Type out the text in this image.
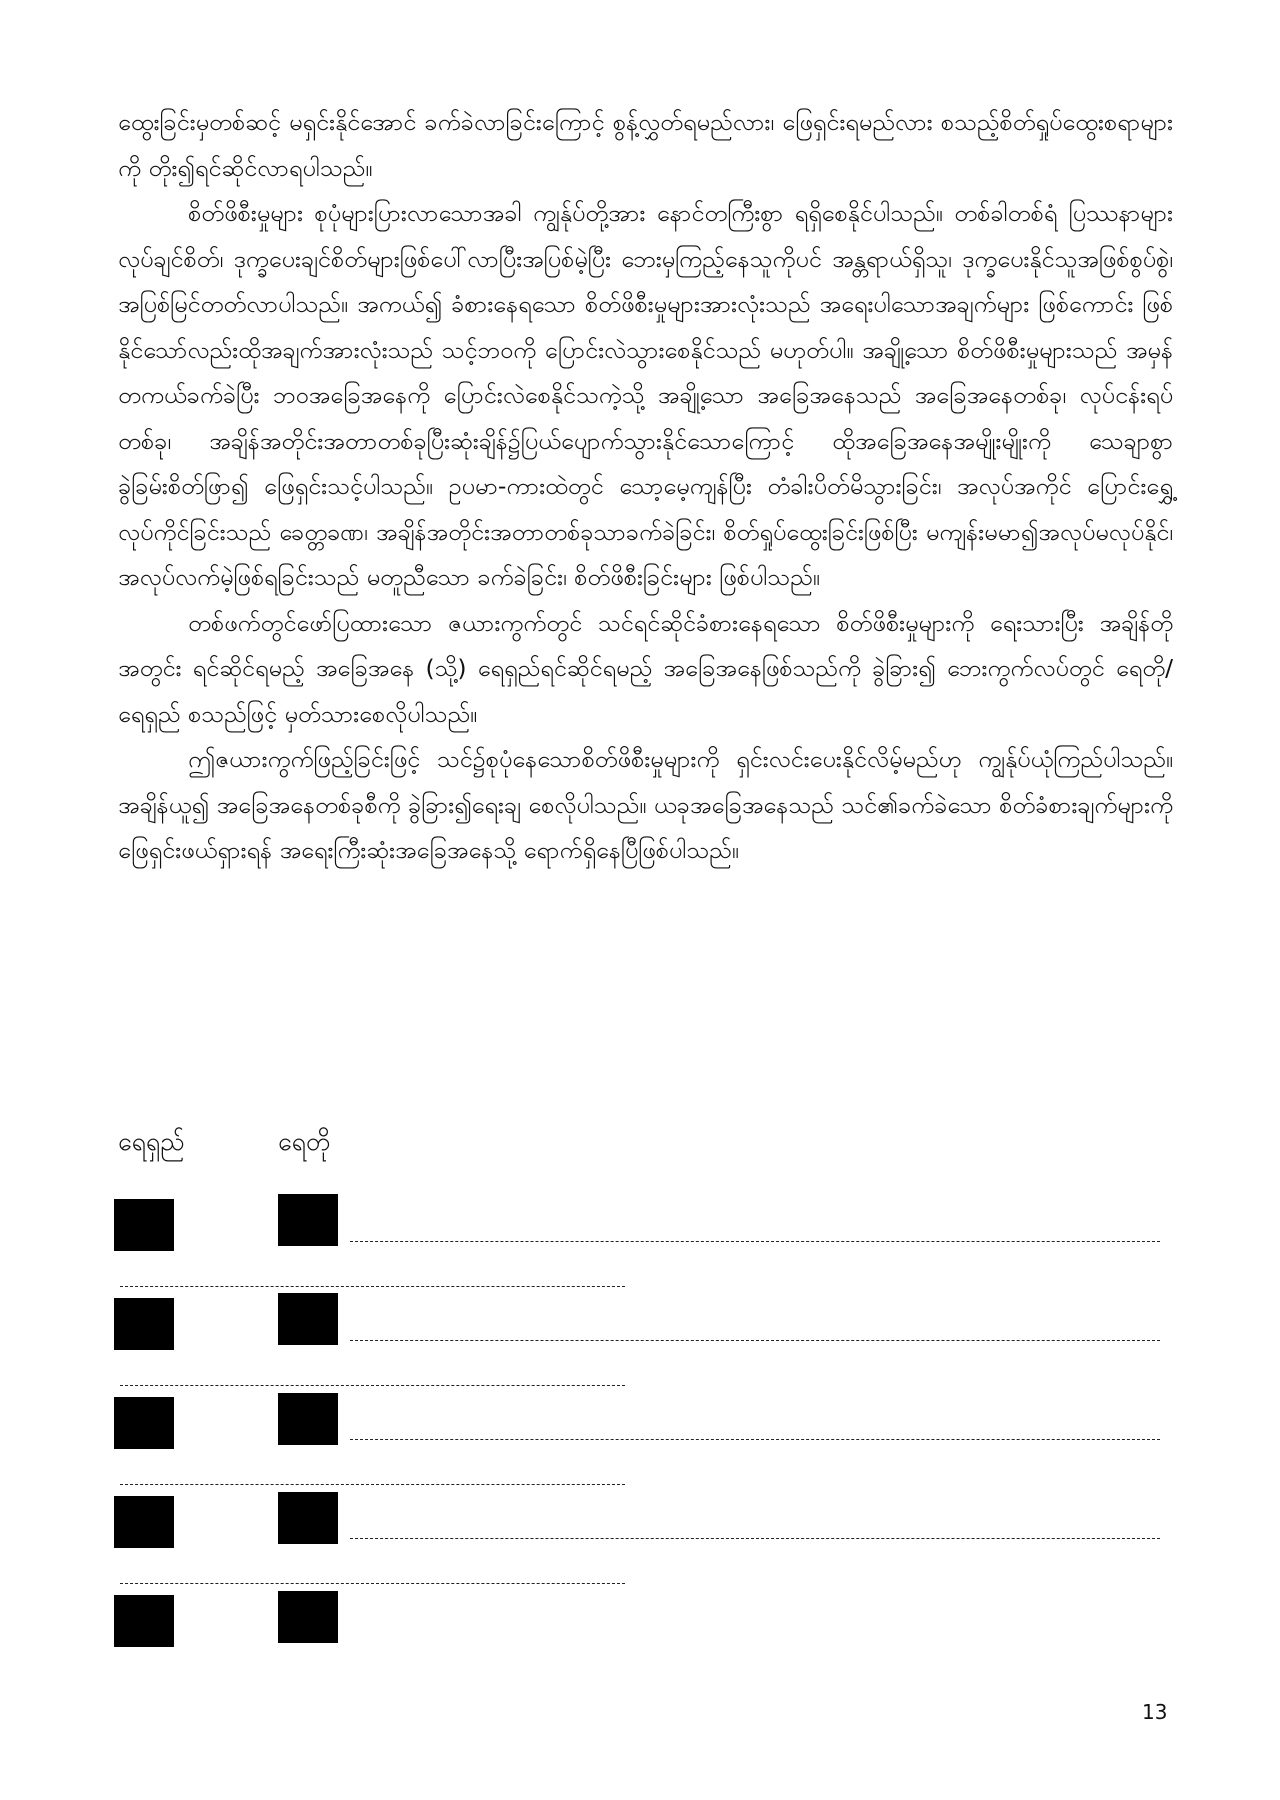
ထွေးခြင်းမှတစ်ဆင့် မရှင်းနိုင်အောင် ခက်ခဲလာခြင်းကြောင့် စွန့်လွှတ်ရမည်လား၊ ဖြေရှင်းရမည်လား စသည့်စိတ်ရှုပ်ထွေးစရာများကို တိုး၍ရင်ဆိုင်လာရပါသည်။

စိတ်ဖိစီးမှုများ စုပုံများပြားလာသောအခါ ကျွန်ုပ်တို့အား နောင်တကြီးစွာ ရရှိစေနိုင်ပါသည်။ တစ်ခါတစ်ရံ ပြဿနာများလုပ်ချင်စိတ်၊ ဒုက္ခပေးချင်စိတ်များဖြစ်ပေါ်လာပြီးအပြစ်မဲ့ပြီး ဘေးမှကြည့်နေသူကိုပင် အန္တရာယ်ရှိသူ၊ ဒုက္ခပေးနိုင်သူအဖြစ်စွပ်စွဲ၊ အပြစ်မြင်တတ်လာပါသည်။ အကယ်၍ ခံစားနေရသော စိတ်ဖိစီးမှုများအားလုံးသည် အရေးပါသောအချက်များ ဖြစ်ကောင်း ဖြစ်နိုင်သော်လည်းထိုအချက်အားလုံးသည် သင့်ဘဝကို ပြောင်းလဲသွားစေနိုင်သည် မဟုတ်ပါ။ အချို့သော စိတ်ဖိစီးမှုများသည် အမှန်တကယ်ခက်ခဲပြီး ဘဝအခြေအနေကို ပြောင်းလဲစေနိုင်သကဲ့သို့ အချို့သော အခြေအနေသည် အခြေအနေတစ်ခု၊ လုပ်ငန်းရပ်တစ်ခု၊ အချိန်အတိုင်းအတာတစ်ခုပြီးဆုံးချိန်၌ပြယ်ပျောက်သွားနိုင်သောကြောင့် ထိုအခြေအနေအမျိုးမျိုးကို သေချာစွာခွဲခြမ်းစိတ်ဖြာ၍ ဖြေရှင်းသင့်ပါသည်။ ဥပမာ-ကားထဲတွင် သော့မေ့ကျန်ပြီး တံခါးပိတ်မိသွားခြင်း၊ အလုပ်အကိုင် ပြောင်းရွှေ့လုပ်ကိုင်ခြင်းသည် ခေတ္တခဏ၊ အချိန်အတိုင်းအတာတစ်ခုသာခက်ခဲခြင်း၊ စိတ်ရှုပ်ထွေးခြင်းဖြစ်ပြီး မကျန်းမမာ၍အလုပ်မလုပ်နိုင်၊ အလုပ်လက်မဲ့ဖြစ်ရခြင်းသည် မတူညီသော ခက်ခဲခြင်း၊ စိတ်ဖိစီးခြင်းများ ဖြစ်ပါသည်။

တစ်ဖက်တွင်ဖော်ပြထားသော ဇယားကွက်တွင် သင်ရင်ဆိုင်ခံစားနေရသော စိတ်ဖိစီးမှုများကို ရေးသားပြီး အချိန်တိုအတွင်း ရင်ဆိုင်ရမည့် အခြေအနေ (သို့) ရေရှည်ရင်ဆိုင်ရမည့် အခြေအနေဖြစ်သည်ကို ခွဲခြား၍ ဘေးကွက်လပ်တွင် ရေတို/ ရေရှည် စသည်ဖြင့် မှတ်သားစေလိုပါသည်။

ဤဇယားကွက်ဖြည့်ခြင်းဖြင့် သင်၌စုပုံနေသောစိတ်ဖိစီးမှုများကို ရှင်းလင်းပေးနိုင်လိမ့်မည်ဟု ကျွန်ုပ်ယုံကြည်ပါသည်။ အချိန်ယူ၍ အခြေအနေတစ်ခုစီကို ခွဲခြား၍ရေးချ စေလိုပါသည်။ ယခုအခြေအနေသည် သင်၏ခက်ခဲသော စိတ်ခံစားချက်များကို ဖြေရှင်းဖယ်ရှားရန် အရေးကြီးဆုံးအခြေအနေသို့ ရောက်ရှိနေပြီဖြစ်ပါသည်။

ရေရှည်	ရေတို
13
